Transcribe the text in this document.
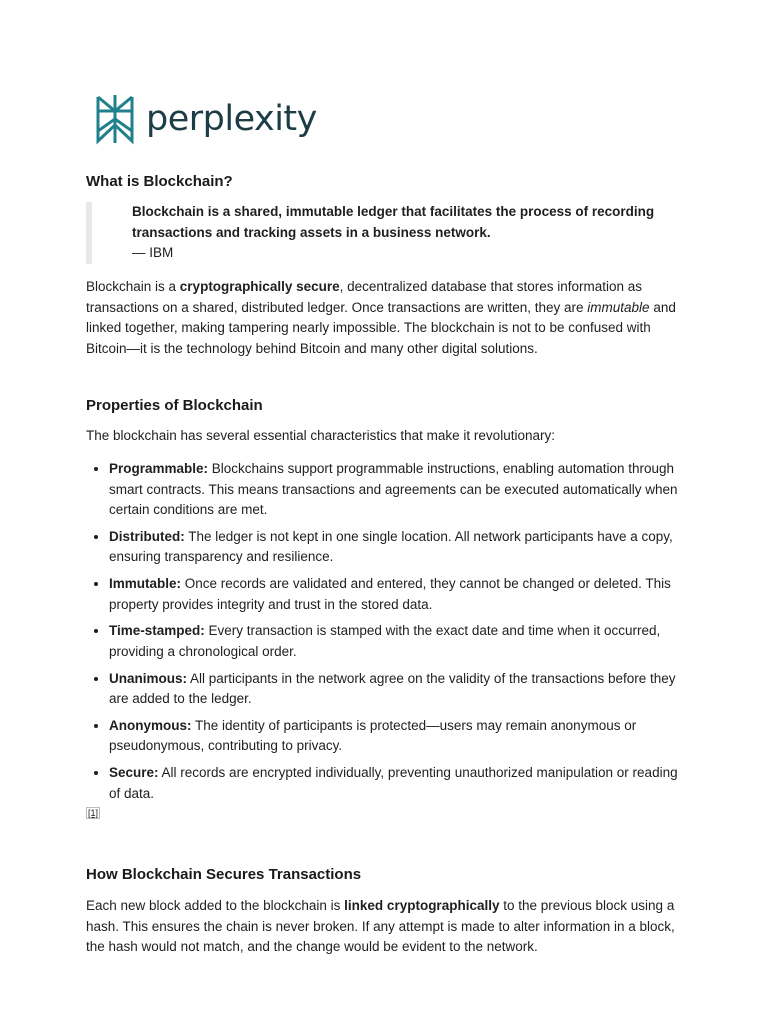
perplexity
What is Blockchain?
Blockchain is a shared, immutable ledger that facilitates the process of recording transactions and tracking assets in a business network.
— IBM

Blockchain is a cryptographically secure, decentralized database that stores information as transactions on a shared, distributed ledger. Once transactions are written, they are immutable and linked together, making tampering nearly impossible. The blockchain is not to be confused with Bitcoin—it is the technology behind Bitcoin and many other digital solutions.

Properties of Blockchain

The blockchain has several essential characteristics that make it revolutionary:

• Programmable: Blockchains support programmable instructions, enabling automation through smart contracts. This means transactions and agreements can be executed automatically when certain conditions are met.
• Distributed: The ledger is not kept in one single location. All network participants have a copy, ensuring transparency and resilience.
• Immutable: Once records are validated and entered, they cannot be changed or deleted. This property provides integrity and trust in the stored data.
• Time-stamped: Every transaction is stamped with the exact date and time when it occurred, providing a chronological order.
• Unanimous: All participants in the network agree on the validity of the transactions before they are added to the ledger.
• Anonymous: The identity of participants is protected—users may remain anonymous or pseudonymous, contributing to privacy.
• Secure: All records are encrypted individually, preventing unauthorized manipulation or reading of data.
[1]
How Blockchain Secures Transactions

Each new block added to the blockchain is linked cryptographically to the previous block using a hash. This ensures the chain is never broken. If any attempt is made to alter information in a block, the hash would not match, and the change would be evident to the network.
